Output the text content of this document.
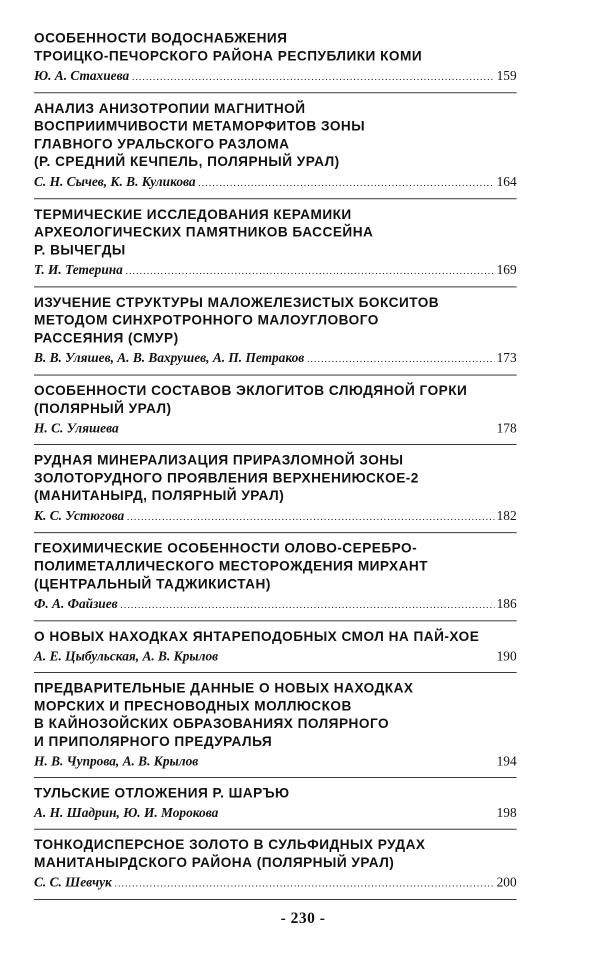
ОСОБЕННОСТИ ВОДОСНАБЖЕНИЯ
ТРОИЦКО-ПЕЧОРСКОГО РАЙОНА РЕСПУБЛИКИ КОМИ
Ю. А. Стахиева .....	159
АНАЛИЗ АНИЗОТРОПИИ МАГНИТНОЙ
ВОСПРИИМЧИВОСТИ МЕТАМОРФИТОВ ЗОНЫ
ГЛАВНОГО УРАЛЬСКОГО РАЗЛОМА
(Р. СРЕДНИЙ КЕЧПЕЛЬ, ПОЛЯРНЫЙ УРАЛ)
С. Н. Сычев, К. В. Куликова .....	164
ТЕРМИЧЕСКИЕ ИССЛЕДОВАНИЯ КЕРАМИКИ
АРХЕОЛОГИЧЕСКИХ ПАМЯТНИКОВ БАССЕЙНА
Р. ВЫЧЕГДЫ
Т. И. Тетерина .....	169
ИЗУЧЕНИЕ СТРУКТУРЫ МАЛОЖЕЛЕЗИСТЫХ БОКСИТОВ
МЕТОДОМ СИНХРОТРОННОГО МАЛОУГЛОВОГО
РАССЕЯНИЯ (СМУР)
В. В. Уляшев, А. В. Вахрушев, А. П. Петраков .....	173
ОСОБЕННОСТИ СОСТАВОВ ЭКЛОГИТОВ СЛЮДЯНОЙ ГОРКИ
(ПОЛЯРНЫЙ УРАЛ)
Н. С. Уляшева	178
РУДНАЯ МИНЕРАЛИЗАЦИЯ ПРИРАЗЛОМНОЙ ЗОНЫ
ЗОЛОТОРУДНОГО ПРОЯВЛЕНИЯ ВЕРХНЕНИЮСКОЕ-2
(МАНИТАНЫРД, ПОЛЯРНЫЙ УРАЛ)
К. С. Устюгова .....	182
ГЕОХИМИЧЕСКИЕ ОСОБЕННОСТИ ОЛОВО-СЕРЕБРО-
ПОЛИМЕТАЛЛИЧЕСКОГО МЕСТОРОЖДЕНИЯ МИРХАНТ
(ЦЕНТРАЛЬНЫЙ ТАДЖИКИСТАН)
Ф. А. Файзиев .....	186
О НОВЫХ НАХОДКАХ ЯНТАРЕПОДОБНЫХ СМОЛ НА ПАЙ-ХОЕ
А. Е. Цыбульская, А. В. Крылов	190
ПРЕДВАРИТЕЛЬНЫЕ ДАННЫЕ О НОВЫХ НАХОДКАХ
МОРСКИХ И ПРЕСНОВОДНЫХ МОЛЛЮСКОВ
В КАЙНОЗОЙСКИХ ОБРАЗОВАНИЯХ ПОЛЯРНОГО
И ПРИПОЛЯРНОГО ПРЕДУРАЛЬЯ
Н. В. Чупрова, А. В. Крылов	194
ТУЛЬСКИЕ ОТЛОЖЕНИЯ Р. ШАРЪЮ
А. Н. Шадрин, Ю. И. Морокова	198
ТОНКОДИСПЕРСНОЕ ЗОЛОТО В СУЛЬФИДНЫХ РУДАХ
МАНИТАНЫРДСКОГО РАЙОНА (ПОЛЯРНЫЙ УРАЛ)
С. С. Шевчук .....	200
- 230 -
